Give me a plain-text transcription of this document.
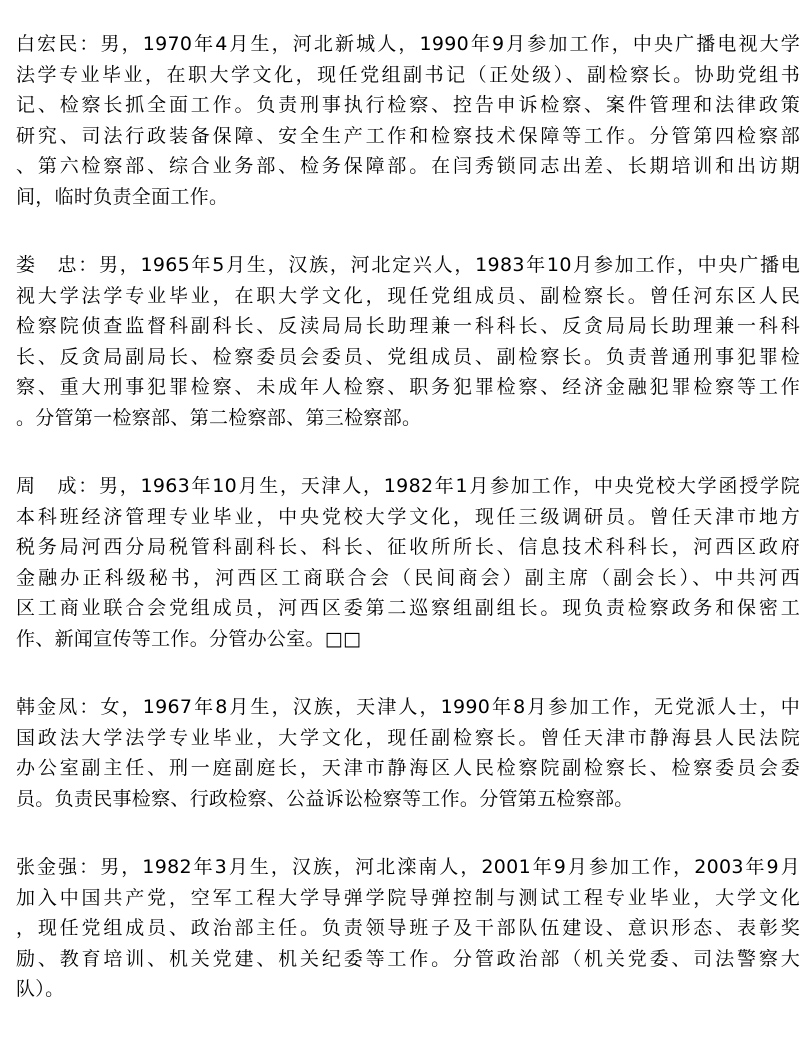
白宏民：男，1970年4月生，河北新城人，1990年9月参加工作，中央广播电视大学
法学专业毕业，在职大学文化，现任党组副书记（正处级）、副检察长。协助党组书
记、检察长抓全面工作。负责刑事执行检察、控告申诉检察、案件管理和法律政策
研究、司法行政装备保障、安全生产工作和检察技术保障等工作。分管第四检察部
、第六检察部、综合业务部、检务保障部。在闫秀锁同志出差、长期培训和出访期
间，临时负责全面工作。
娄　忠：男，1965年5月生，汉族，河北定兴人，1983年10月参加工作，中央广播电
视大学法学专业毕业，在职大学文化，现任党组成员、副检察长。曾任河东区人民
检察院侦查监督科副科长、反渎局局长助理兼一科科长、反贪局局长助理兼一科科
长、反贪局副局长、检察委员会委员、党组成员、副检察长。负责普通刑事犯罪检
察、重大刑事犯罪检察、未成年人检察、职务犯罪检察、经济金融犯罪检察等工作
。分管第一检察部、第二检察部、第三检察部。
周　成：男，1963年10月生，天津人，1982年1月参加工作，中央党校大学函授学院
本科班经济管理专业毕业，中央党校大学文化，现任三级调研员。曾任天津市地方
税务局河西分局税管科副科长、科长、征收所所长、信息技术科科长，河西区政府
金融办正科级秘书，河西区工商联合会（民间商会）副主席（副会长）、中共河西
区工商业联合会党组成员，河西区委第二巡察组副组长。现负责检察政务和保密工
作、新闻宣传等工作。分管办公室。□□
韩金凤：女，1967年8月生，汉族，天津人，1990年8月参加工作，无党派人士，中
国政法大学法学专业毕业，大学文化，现任副检察长。曾任天津市静海县人民法院
办公室副主任、刑一庭副庭长，天津市静海区人民检察院副检察长、检察委员会委
员。负责民事检察、行政检察、公益诉讼检察等工作。分管第五检察部。
张金强：男，1982年3月生，汉族，河北滦南人，2001年9月参加工作，2003年9月
加入中国共产党，空军工程大学导弹学院导弹控制与测试工程专业毕业，大学文化
，现任党组成员、政治部主任。负责领导班子及干部队伍建设、意识形态、表彰奖
励、教育培训、机关党建、机关纪委等工作。分管政治部（机关党委、司法警察大
队）。
